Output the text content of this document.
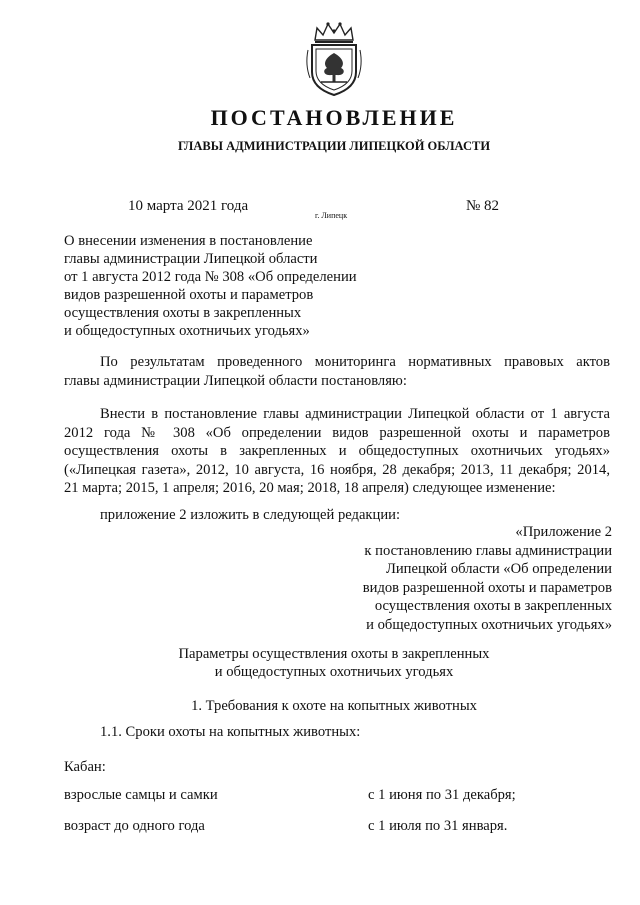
ПОСТАНОВЛЕНИЕ
ГЛАВЫ АДМИНИСТРАЦИИ ЛИПЕЦКОЙ ОБЛАСТИ
10 марта 2021 года
г. Липецк
№ 82
О внесении изменения в постановление
главы администрации Липецкой области
от 1 августа 2012 года № 308 «Об определении
видов разрешенной охоты и параметров
осуществления охоты в закрепленных
и общедоступных охотничьих угодьях»
По результатам проведенного мониторинга нормативных правовых актов
главы администрации Липецкой области постановляю:
Внести в постановление главы администрации Липецкой области от 1 августа
2012 года № 308 «Об определении видов разрешенной охоты и параметров
осуществления охоты в закрепленных и общедоступных охотничьих угодьях»
(«Липецкая газета», 2012, 10 августа, 16 ноября, 28 декабря; 2013, 11 декабря; 2014,
21 марта; 2015, 1 апреля; 2016, 20 мая; 2018, 18 апреля) следующее изменение:
приложение 2 изложить в следующей редакции:
«Приложение 2
к постановлению главы администрации
Липецкой области «Об определении
видов разрешенной охоты и параметров
осуществления охоты в закрепленных
и общедоступных охотничьих угодьях»
Параметры осуществления охоты в закрепленных
и общедоступных охотничьих угодьях
1. Требования к охоте на копытных животных
1.1. Сроки охоты на копытных животных:
Кабан:
взрослые самцы и самки	с 1 июня по 31 декабря;
возраст до одного года	с 1 июля по 31 января.
